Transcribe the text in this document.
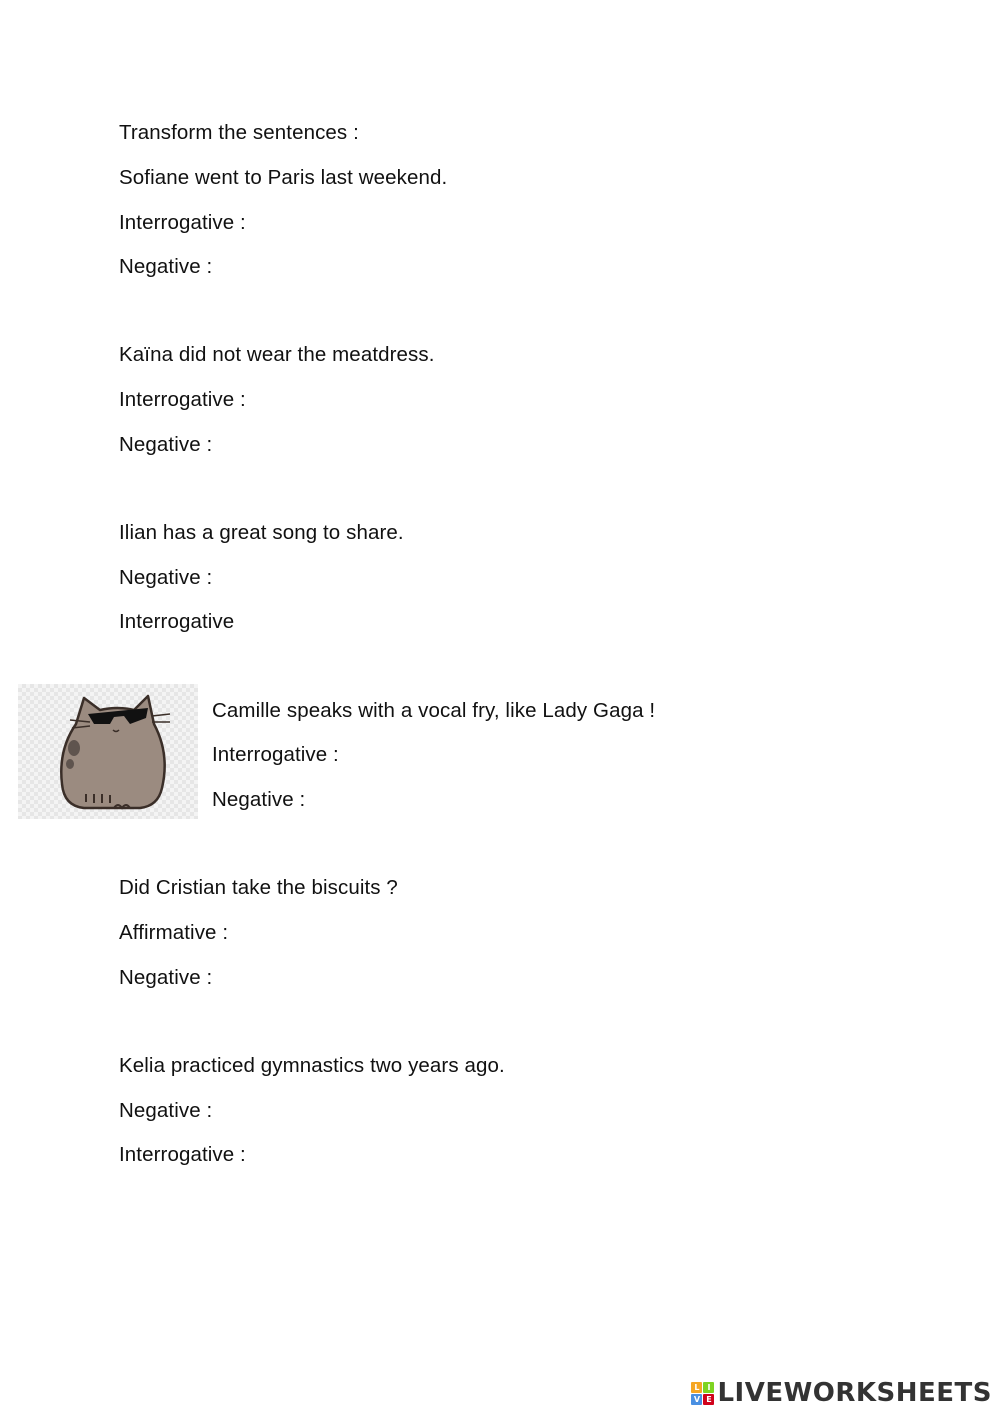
Transform the sentences :
Sofiane went to Paris last weekend.
Interrogative :
Negative :
Kaïna did not wear the meatdress.
Interrogative :
Negative :
Ilian has a great song to share.
Negative :
Interrogative
Camille speaks with a vocal fry, like Lady Gaga !
Interrogative :
Negative :
Did Cristian take the biscuits ?
Affirmative :
Negative :
Kelia practiced gymnastics two years ago.
Negative :
Interrogative :
L I
V E LIVEWORKSHEETS
